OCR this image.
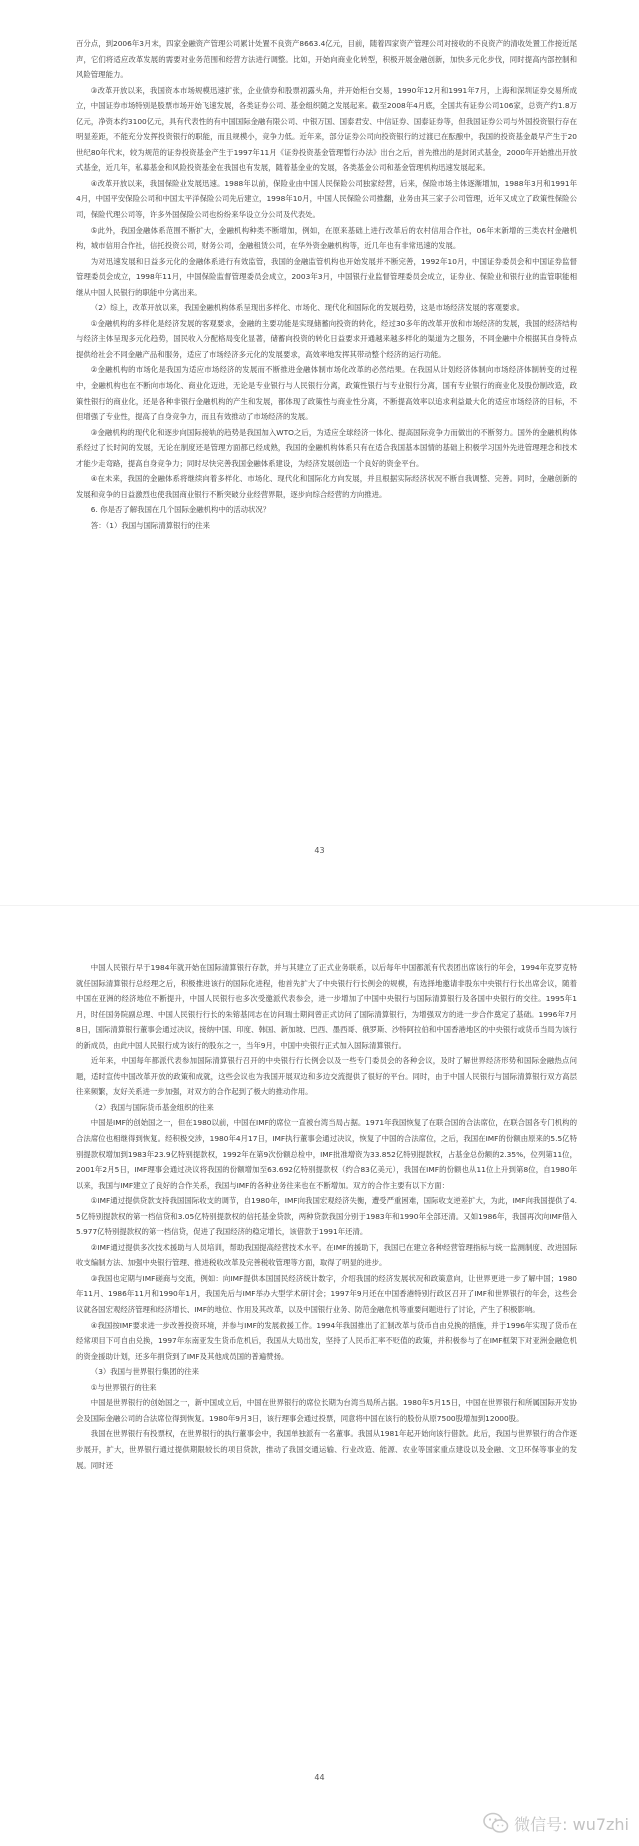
百分点，到2006年3月末，四家金融资产管理公司累计处置不良资产8663.4亿元，目前，随着四家资产管理公司对接收的不良资产的清收处置工作接近尾声，它们将适应改革发展的需要对业务范围和经营方法进行调整。比如，开始向商业化转型，积极开展金融创新，加快多元化步伐，同时提高内部控制和风险管理能力。

③改革开放以来，我国资本市场规模迅速扩张，企业债券和股票初露头角，并开始柜台交易，1990年12月和1991年7月，上海和深圳证券交易所成立，中国证券市场特别是股票市场开始飞速发展，各类证券公司、基金组织随之发展起来。截至2008年4月底，全国共有证券公司106家，总资产约1.8万亿元，净资本约3100亿元，具有代表性的有中国国际金融有限公司、中银万国、国泰君安、中信证券、国泰证券等，但我国证券公司与外国投资银行存在明显差距，不能充分发挥投资银行的职能，而且规模小，竞争力低。近年来，部分证券公司向投资银行的过渡已在酝酿中，我国的投资基金最早产生于20世纪80年代末，较为规范的证券投资基金产生于1997年11月《证券投资基金管理暂行办法》出台之后，首先推出的是封闭式基金，2000年开始推出开放式基金，近几年，私募基金和风险投资基金在我国也有发展，随着基金业的发展，各类基金公司和基金管理机构迅速发展起来。

④改革开放以来，我国保险业发展迅速。1988年以前，保险业由中国人民保险公司独家经营，后来，保险市场主体逐渐增加，1988年3月和1991年4月，中国平安保险公司和中国太平洋保险公司先后建立，1998年10月，中国人民保险公司推翻，业务由其三家子公司管理，近年又成立了政策性保险公司，保险代理公司等，许多外国保险公司也纷纷来华设立分公司及代表处。

⑤此外，我国金融体系范围不断扩大，金融机构种类不断增加，例如，在原来基础上进行改革后的农村信用合作社，06年末新增的三类农村金融机构，城市信用合作社，信托投资公司，财务公司，金融租赁公司，在华外资金融机构等，近几年也有非常迅速的发展。

为对迅速发展和日益多元化的金融体系进行有效监管，我国的金融监管机构也开始发展并不断完善，1992年10月，中国证券委员会和中国证券监督管理委员会成立，1998年11月，中国保险监督管理委员会成立，2003年3月，中国银行业监督管理委员会成立，证券业、保险业和银行业的监管职能相继从中国人民银行的职能中分离出来。

（2）综上，改革开放以来，我国金融机构体系呈现出多样化、市场化、现代化和国际化的发展趋势，这是市场经济发展的客观要求。

①金融机构的多样化是经济发展的客观要求，金融的主要功能是实现储蓄向投资的转化，经过30多年的改革开放和市场经济的发展，我国的经济结构与经济主体呈现多元化趋势，国民收入分配格局变化显著，储蓄向投资的转化日益要求开通越来越多样化的渠道为之服务，不同金融中介根据其自身特点提供给社会不同金融产品和服务，适应了市场经济多元化的发展要求，高效率地发挥其带动整个经济的运行功能。

②金融机构的市场化是我国为适应市场经济的发展而不断推进金融体制市场化改革的必然结果。在我国从计划经济体制向市场经济体制转变的过程中，金融机构也在不断向市场化、商业化迈进，无论是专业银行与人民银行分离，政策性银行与专业银行分离，国有专业银行的商业化及股份制改造，政策性银行的商业化，还是各种非银行金融机构的产生和发展，都体现了政策性与商业性分离，不断提高效率以追求利益最大化的适应市场经济的目标，不但增强了专业性，提高了自身竞争力，而且有效推动了市场经济的发展。

③金融机构的现代化和逐步向国际接轨的趋势是我国加入WTO之后，为适应全球经济一体化、提高国际竞争力而做出的不断努力。国外的金融机构体系经过了长时间的发展，无论在制度还是管理方面都已经成熟，我国的金融机构体系只有在适合我国基本国情的基础上积极学习国外先进管理理念和技术才能少走弯路，提高自身竞争力；同时尽快完善我国金融体系建设，为经济发展创造一个良好的资金平台。

④在未来，我国的金融体系将继续向着多样化、市场化、现代化和国际化方向发展，并且根据实际经济状况不断自我调整、完善。同时，金融创新的发展和竞争的日益激烈也使我国商业银行不断突破分业经营界限，逐步向综合经营的方向推进。

6. 你是否了解我国在几个国际金融机构中的活动状况？

答：（1）我国与国际清算银行的往来

43

中国人民银行早于1984年就开始在国际清算银行存款，并与其建立了正式业务联系，以后每年中国都派有代表团出席该行的年会，1994年克罗克特就任国际清算银行总经理之后，积极推进该行的国际化进程，他首先扩大了中央银行行长例会的规模，有选择地邀请非股东中央银行行长出席会议，随着中国在亚洲的经济地位不断提升，中国人民银行也多次受邀派代表参会，进一步增加了中国中央银行与国际清算银行及各国中央银行的交往。1995年1月，时任国务院副总理、中国人民银行行长的朱镕基同志在访问瑞士期间曾正式访问了国际清算银行，为增强双方的进一步合作奠定了基础。1996年7月8日，国际清算银行董事会通过决议，接纳中国、印度、韩国、新加坡、巴西、墨西哥、俄罗斯、沙特阿拉伯和中国香港地区的中央银行或货币当局为该行的新成员，由此中国人民银行成为该行的股东之一，当年9月，中国中央银行正式加入国际清算银行。

近年来，中国每年都派代表参加国际清算银行召开的中央银行行长例会以及一些专门委员会的各种会议，及时了解世界经济形势和国际金融热点问题，适时宣传中国改革开放的政策和成就，这些会议也为我国开展双边和多边交流提供了很好的平台。同时，由于中国人民银行与国际清算银行双方高层往来频繁，友好关系进一步加强，对双方的合作起到了极大的推动作用。

（2）我国与国际货币基金组织的往来

中国是IMF的创始国之一，但在1980以前，中国在IMF的席位一直被台湾当局占据。1971年我国恢复了在联合国的合法席位，在联合国各专门机构的合法席位也相继得到恢复。经积极交涉，1980年4月17日，IMF执行董事会通过决议，恢复了中国的合法席位，之后，我国在IMF的份额由原来的5.5亿特别提款权增加到1983年23.9亿特别提款权，1992年在第9次份额总检中，IMF批准增资为33.852亿特别提款权，占基金总份额的2.35%，位列第11位，2001年2月5日，IMF理事会通过决议将我国的份额增加至63.692亿特别提款权（约合83亿美元），我国在IMF的份额也从11位上升到第8位，自1980年以来，我国与IMF建立了良好的合作关系，我国与IMF的各种业务往来也在不断增加。双方的合作主要有以下方面：

①IMF通过提供贷款支持我国国际收支的调节，自1980年，IMF向我国宏观经济失衡，遭受严重困难，国际收支逆差扩大，为此，IMF向我国提供了4.5亿特别提款权的第一档信贷和3.05亿特别提款权的信托基金贷款，两种贷款我国分别于1983年和1990年全部还清。又如1986年，我国再次向IMF借入5.977亿特别提款权的第一档信贷，促进了我国经济的稳定增长，该借款于1991年还清。

②IMF通过提供多次技术援助与人员培训，帮助我国提高经营技术水平。在IMF的援助下，我国已在建立各种经营管理指标与统一监测制度、改进国际收支编制方法、加强中央银行管理、推进税收改革及完善税收管理等方面，取得了明显的进步。

③我国也定期与IMF磋商与交流，例如：向IMF提供本国国民经济统计数字，介绍我国的经济发展状况和政策意向，让世界更进一步了解中国；1980年11月、1986年11月和1990年1月，我国先后与IMF举办大型学术研讨会；1997年9月还在中国香港特别行政区召开了IMF和世界银行的年会，这些会议就各国宏观经济管理和经济增长、IMF的地位、作用及其改革，以及中国银行业务、防范金融危机等重要问题进行了讨论，产生了积极影响。

④我国按IMF要求进一步改善投资环境，并参与IMF的发展救援工作。1994年我国推出了汇制改革与货币自由兑换的措施，并于1996年实现了货币在经常项目下可自由兑换，1997年东南亚发生货币危机后，我国从大局出发，坚持了人民币汇率不贬值的政策，并积极参与了在IMF框架下对亚洲金融危机的资金援助计划，还多年捐贷到了IMF及其他成员国的普遍赞扬。

（3）我国与世界银行集团的往来

①与世界银行的往来

中国是世界银行的创始国之一，新中国成立后，中国在世界银行的席位长期为台湾当局所占据。1980年5月15日，中国在世界银行和所属国际开发协会及国际金融公司的合法席位得到恢复。1980年9月3日，该行理事会通过投票，同意将中国在该行的股份从原7500股增加到12000股。

我国在世界银行有投票权，在世界银行的执行董事会中，我国单独派有一名董事。我国从1981年起开始向该行借款。此后，我国与世界银行的合作逐步展开，扩大，世界银行通过提供期限较长的项目贷款，推动了我国交通运输、行业改造、能源、农业等国家重点建设以及金融、文卫环保等事业的发展。同时还

44
微信号: wu7zhi
